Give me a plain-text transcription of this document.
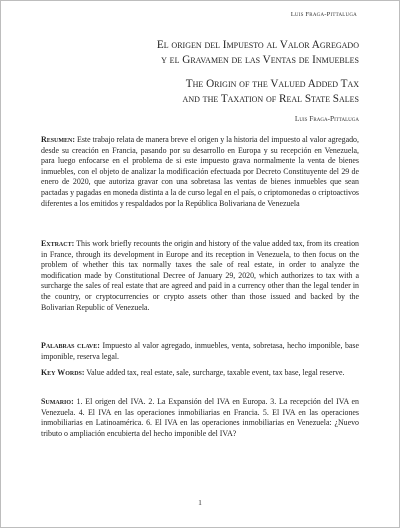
Luis Fraga-Pittaluga
El origen del Impuesto al Valor Agregado
y el Gravamen de las Ventas de Inmuebles
The Origin of the Valued Added Tax
and the Taxation of Real State Sales
Luis Fraga-Pittaluga

Resumen: Este trabajo relata de manera breve el origen y la historia del impuesto al valor agregado, desde su creación en Francia, pasando por su desarrollo en Europa y su recepción en Venezuela, para luego enfocarse en el problema de si este impuesto grava normalmente la venta de bienes inmuebles, con el objeto de analizar la modificación efectuada por Decreto Constituyente del 29 de enero de 2020, que autoriza gravar con una sobretasa las ventas de bienes inmuebles que sean pactadas y pagadas en moneda distinta a la de curso legal en el país, o criptomonedas o criptoactivos diferentes a los emitidos y respaldados por la República Bolivariana de Venezuela

Extract: This work briefly recounts the origin and history of the value added tax, from its creation in France, through its development in Europe and its reception in Venezuela, to then focus on the problem of whether this tax normally taxes the sale of real estate, in order to analyze the modification made by Constitutional Decree of January 29, 2020, which authorizes to tax with a surcharge the sales of real estate that are agreed and paid in a currency other than the legal tender in the country, or cryptocurrencies or crypto assets other than those issued and backed by the Bolivarian Republic of Venezuela.

Palabras clave: Impuesto al valor agregado, inmuebles, venta, sobretasa, hecho imponible, base imponible, reserva legal.

Key Words: Value added tax, real estate, sale, surcharge, taxable event, tax base, legal reserve.

Sumario: 1. El origen del IVA. 2. La Expansión del IVA en Europa. 3. La recepción del IVA en Venezuela. 4. El IVA en las operaciones inmobiliarias en Francia. 5. El IVA en las operaciones inmobiliarias en Latinoamérica. 6. El IVA en las operaciones inmobiliarias en Venezuela: ¿Nuevo tributo o ampliación encubierta del hecho imponible del IVA?

1
